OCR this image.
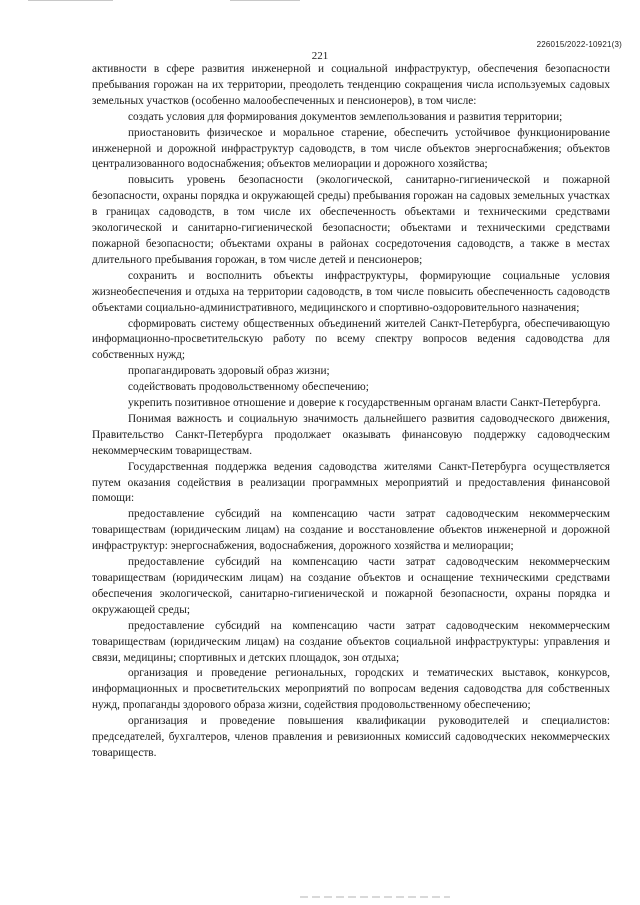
226015/2022-10921(3)
221

активности в сфере развития инженерной и социальной инфраструктур, обеспечения безопасности пребывания горожан на их территории, преодолеть тенденцию сокращения числа используемых садовых земельных участков (особенно малообеспеченных и пенсионеров), в том числе:

создать условия для формирования документов землепользования и развития территории;

приостановить физическое и моральное старение, обеспечить устойчивое функционирование инженерной и дорожной инфраструктур садоводств, в том числе объектов энергоснабжения; объектов централизованного водоснабжения; объектов мелиорации и дорожного хозяйства;

повысить уровень безопасности (экологической, санитарно-гигиенической и пожарной безопасности, охраны порядка и окружающей среды) пребывания горожан на садовых земельных участках в границах садоводств, в том числе их обеспеченность объектами и техническими средствами экологической и санитарно-гигиенической безопасности; объектами и техническими средствами пожарной безопасности; объектами охраны в районах сосредоточения садоводств, а также в местах длительного пребывания горожан, в том числе детей и пенсионеров;

сохранить и восполнить объекты инфраструктуры, формирующие социальные условия жизнеобеспечения и отдыха на территории садоводств, в том числе повысить обеспеченность садоводств объектами социально-административного, медицинского и спортивно-оздоровительного назначения;

сформировать систему общественных объединений жителей Санкт-Петербурга, обеспечивающую информационно-просветительскую работу по всему спектру вопросов ведения садоводства для собственных нужд;

пропагандировать здоровый образ жизни;

содействовать продовольственному обеспечению;

укрепить позитивное отношение и доверие к государственным органам власти Санкт-Петербурга.

Понимая важность и социальную значимость дальнейшего развития садоводческого движения, Правительство Санкт-Петербурга продолжает оказывать финансовую поддержку садоводческим некоммерческим товариществам.

Государственная поддержка ведения садоводства жителями Санкт-Петербурга осуществляется путем оказания содействия в реализации программных мероприятий и предоставления финансовой помощи:

предоставление субсидий на компенсацию части затрат садоводческим некоммерческим товариществам (юридическим лицам) на создание и восстановление объектов инженерной и дорожной инфраструктур: энергоснабжения, водоснабжения, дорожного хозяйства и мелиорации;

предоставление субсидий на компенсацию части затрат садоводческим некоммерческим товариществам (юридическим лицам) на создание объектов и оснащение техническими средствами обеспечения экологической, санитарно-гигиенической и пожарной безопасности, охраны порядка и окружающей среды;

предоставление субсидий на компенсацию части затрат садоводческим некоммерческим товариществам (юридическим лицам) на создание объектов социальной инфраструктуры: управления и связи, медицины; спортивных и детских площадок, зон отдыха;

организация и проведение региональных, городских и тематических выставок, конкурсов, информационных и просветительских мероприятий по вопросам ведения садоводства для собственных нужд, пропаганды здорового образа жизни, содействия продовольственному обеспечению;

организация и проведение повышения квалификации руководителей и специалистов: председателей, бухгалтеров, членов правления и ревизионных комиссий садоводческих некоммерческих товариществ.
